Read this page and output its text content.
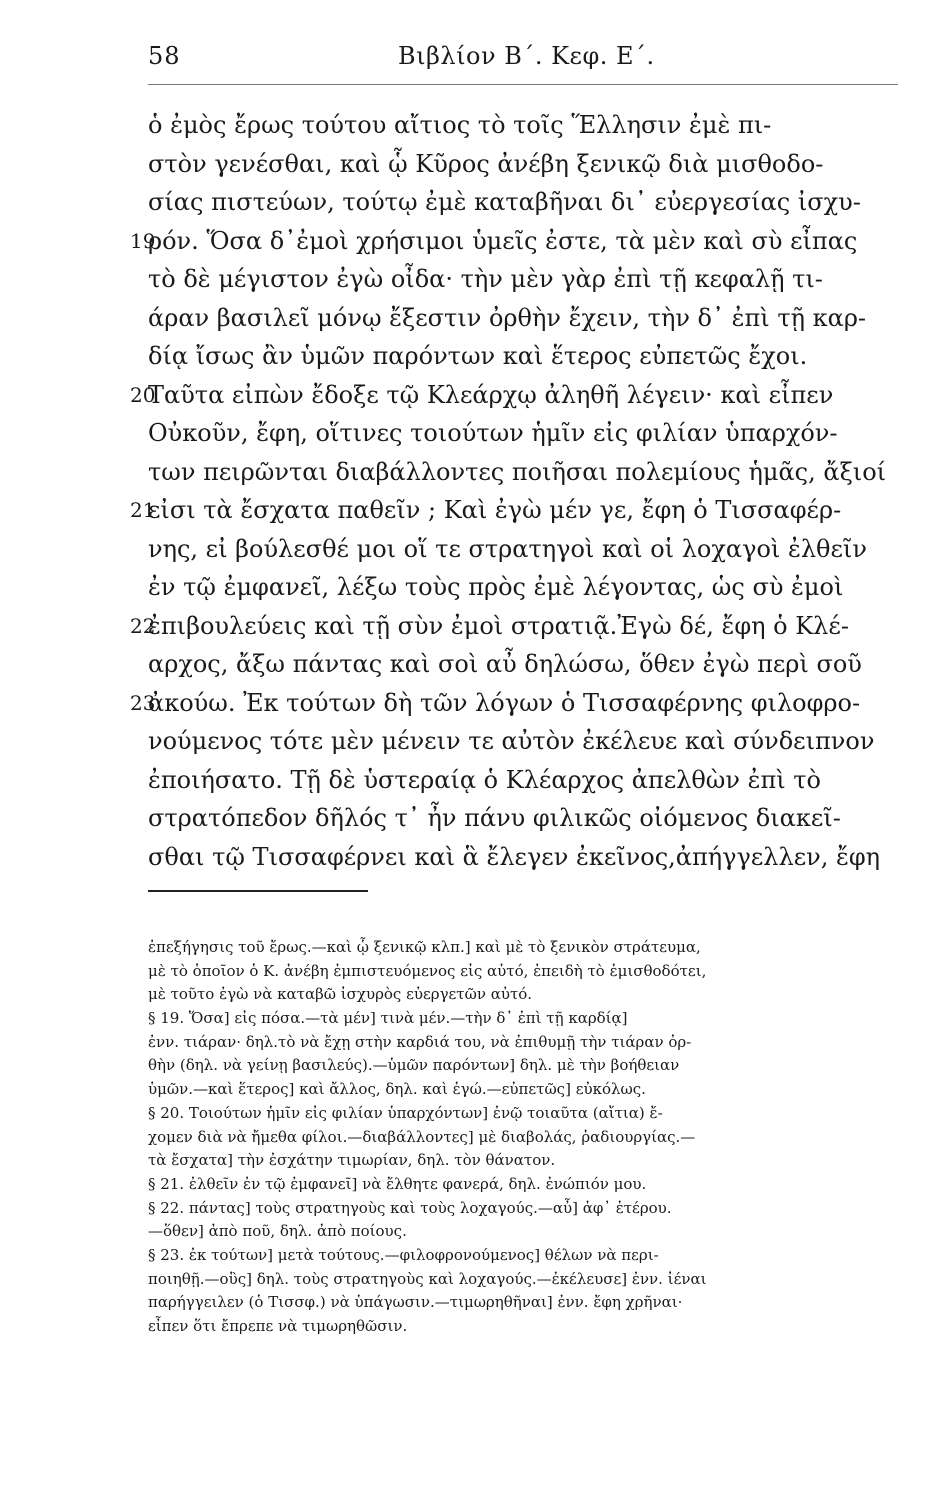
58	Βιβλίον Β΄. Κεφ. Ε΄.
ὁ ἐμὸς ἔρως τούτου αἴτιος τὸ τοῖς Ἕλλησιν ἐμὲ πι-
στὸν γενέσθαι, καὶ ᾧ Κῦρος ἀνέβη ξενικῷ διὰ μισθοδο-
σίας πιστεύων, τούτῳ ἐμὲ καταβῆναι δι᾽ εὐεργεσίας ἰσχυ-
19
ρόν. Ὅσα δ᾽ἐμοὶ χρήσιμοι ὑμεῖς ἐστε, τὰ μὲν καὶ σὺ εἶπας
τὸ δὲ μέγιστον ἐγὼ οἶδα· τὴν μὲν γὰρ ἐπὶ τῇ κεφαλῇ τι-
άραν βασιλεῖ μόνῳ ἔξεστιν ὀρθὴν ἔχειν, τὴν δ᾽ ἐπὶ τῇ καρ-
δίᾳ ἴσως ἂν ὑμῶν παρόντων καὶ ἕτερος εὐπετῶς ἔχοι.
20
Ταῦτα εἰπὼν ἔδοξε τῷ Κλεάρχῳ ἀληθῆ λέγειν· καὶ εἶπεν
Οὐκοῦν, ἔφη, οἵτινες τοιούτων ἡμῖν εἰς φιλίαν ὑπαρχόν-
των πειρῶνται διαβάλλοντες ποιῆσαι πολεμίους ἡμᾶς, ἄξιοί
21
εἰσι τὰ ἔσχατα παθεῖν ; Καὶ ἐγὼ μέν γε, ἔφη ὁ Τισσαφέρ-
νης, εἰ βούλεσθέ μοι οἵ τε στρατηγοὶ καὶ οἱ λοχαγοὶ ἐλθεῖν
ἐν τῷ ἐμφανεῖ, λέξω τοὺς πρὸς ἐμὲ λέγοντας, ὡς σὺ ἐμοὶ
22
ἐπιβουλεύεις καὶ τῇ σὺν ἐμοὶ στρατιᾷ.Ἐγὼ δέ, ἔφη ὁ Κλέ-
αρχος, ἄξω πάντας καὶ σοὶ αὖ δηλώσω, ὅθεν ἐγὼ περὶ σοῦ
23
ἀκούω. Ἐκ τούτων δὴ τῶν λόγων ὁ Τισσαφέρνης φιλοφρο-
νούμενος τότε μὲν μένειν τε αὐτὸν ἐκέλευε καὶ σύνδειπνον
ἐποιήσατο. Τῇ δὲ ὑστεραίᾳ ὁ Κλέαρχος ἀπελθὼν ἐπὶ τὸ
στρατόπεδον δῆλός τ᾽ ἦν πάνυ φιλικῶς οἰόμενος διακεῖ-
σθαι τῷ Τισσαφέρνει καὶ ἃ ἔλεγεν ἐκεῖνος,ἀπήγγελλεν, ἔφη
ἐπεξήγησις τοῦ ἔρως.—καὶ ᾧ ξενικῷ κλπ.] καὶ μὲ τὸ ξενικὸν στράτευμα,
μὲ τὸ ὁποῖον ὁ Κ. ἀνέβη ἐμπιστευόμενος εἰς αὐτό, ἐπειδὴ τὸ ἐμισθοδότει,
μὲ τοῦτο ἐγὼ νὰ καταβῶ ἰσχυρὸς εὐεργετῶν αὐτό.
§ 19. Ὅσα] εἰς πόσα.—τὰ μέν] τινὰ μέν.—τὴν δ᾽ ἐπὶ τῇ καρδίᾳ]
ἐνν. τιάραν· δηλ.τὸ νὰ ἔχῃ στὴν καρδιά του, νὰ ἐπιθυμῇ τὴν τιάραν ὀρ-
θὴν (δηλ. νὰ γείνῃ βασιλεύς).—ὑμῶν παρόντων] δηλ. μὲ τὴν βοήθειαν
ὑμῶν.—καὶ ἕτερος] καὶ ἄλλος, δηλ. καὶ ἐγώ.—εὐπετῶς] εὐκόλως.
§ 20. Τοιούτων ἡμῖν εἰς φιλίαν ὑπαρχόντων] ἐνῷ τοιαῦτα (αἴτια) ἔ-
χομεν διὰ νὰ ἤμεθα φίλοι.—διαβάλλοντες] μὲ διαβολάς, ῥαδιουργίας.—
τὰ ἔσχατα] τὴν ἐσχάτην τιμωρίαν, δηλ. τὸν θάνατον.
§ 21. ἐλθεῖν ἐν τῷ ἐμφανεῖ] νὰ ἔλθητε φανερά, δηλ. ἐνώπιόν μου.
§ 22. πάντας] τοὺς στρατηγοὺς καὶ τοὺς λοχαγούς.—αὖ] ἀφ᾽ ἑτέρου.
—ὅθεν] ἀπὸ ποῦ, δηλ. ἀπὸ ποίους.
§ 23. ἐκ τούτων] μετὰ τούτους.—φιλοφρονούμενος] θέλων νὰ περι-
ποιηθῇ.—οὓς] δηλ. τοὺς στρατηγοὺς καὶ λοχαγούς.—ἐκέλευσε] ἐνν. ἰέναι
παρήγγειλεν (ὁ Τισσφ.) νὰ ὑπάγωσιν.—τιμωρηθῆναι] ἐνν. ἔφη χρῆναι·
εἶπεν ὅτι ἔπρεπε νὰ τιμωρηθῶσιν.
